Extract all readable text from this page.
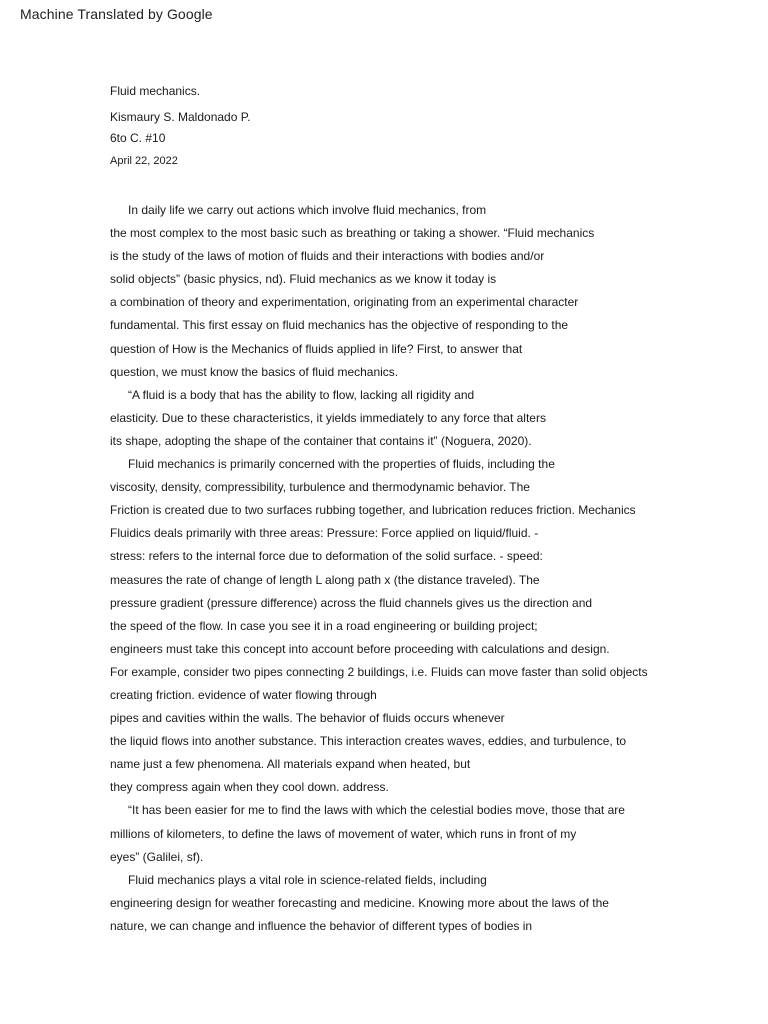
Machine Translated by Google
Fluid mechanics.
Kismaury S. Maldonado P.
6to C. #10
April 22, 2022
In daily life we carry out actions which involve fluid mechanics, from
the most complex to the most basic such as breathing or taking a shower. “Fluid mechanics
is the study of the laws of motion of fluids and their interactions with bodies and/or
solid objects” (basic physics, nd). Fluid mechanics as we know it today is
a combination of theory and experimentation, originating from an experimental character
fundamental. This first essay on fluid mechanics has the objective of responding to the
question of How is the Mechanics of fluids applied in life? First, to answer that
question, we must know the basics of fluid mechanics.
“A fluid is a body that has the ability to flow, lacking all rigidity and
elasticity. Due to these characteristics, it yields immediately to any force that alters
its shape, adopting the shape of the container that contains it” (Noguera, 2020).
Fluid mechanics is primarily concerned with the properties of fluids, including the
viscosity, density, compressibility, turbulence and thermodynamic behavior. The
Friction is created due to two surfaces rubbing together, and lubrication reduces friction. Mechanics
Fluidics deals primarily with three areas: Pressure: Force applied on liquid/fluid. -
stress: refers to the internal force due to deformation of the solid surface. - speed:
measures the rate of change of length L along path x (the distance traveled). The
pressure gradient (pressure difference) across the fluid channels gives us the direction and
the speed of the flow. In case you see it in a road engineering or building project;
engineers must take this concept into account before proceeding with calculations and design.
For example, consider two pipes connecting 2 buildings, i.e. Fluids can move faster than solid objects
creating friction. evidence of water flowing through
pipes and cavities within the walls. The behavior of fluids occurs whenever
the liquid flows into another substance. This interaction creates waves, eddies, and turbulence, to
name just a few phenomena. All materials expand when heated, but
they compress again when they cool down. address.
“It has been easier for me to find the laws with which the celestial bodies move, those that are
millions of kilometers, to define the laws of movement of water, which runs in front of my
eyes” (Galilei, sf).
Fluid mechanics plays a vital role in science-related fields, including
engineering design for weather forecasting and medicine. Knowing more about the laws of the
nature, we can change and influence the behavior of different types of bodies in
